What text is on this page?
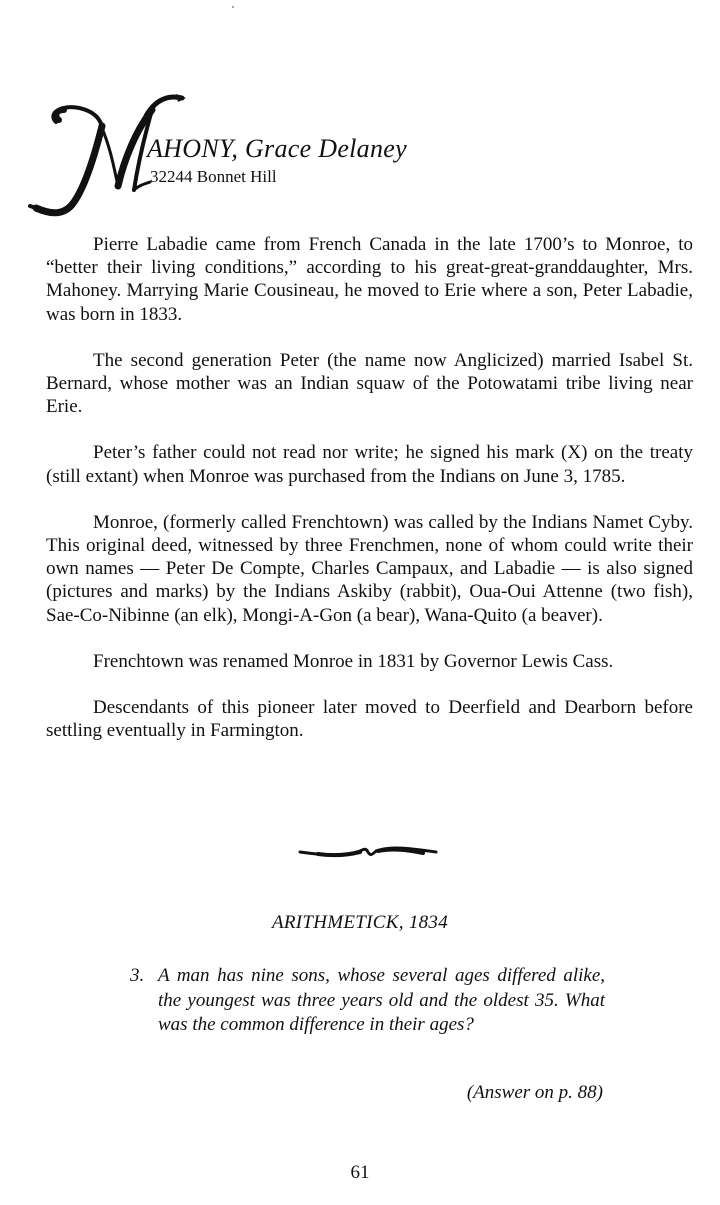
AHONY, Grace Delaney
32244 Bonnet Hill

Pierre Labadie came from French Canada in the late 1700’s to Monroe, to “better their living conditions,” according to his great-great-granddaughter, Mrs. Mahoney. Marrying Marie Cousineau, he moved to Erie where a son, Peter Labadie, was born in 1833.

The second generation Peter (the name now Anglicized) married Isabel St. Bernard, whose mother was an Indian squaw of the Potowatami tribe living near Erie.

Peter’s father could not read nor write; he signed his mark (X) on the treaty (still extant) when Monroe was purchased from the Indians on June 3, 1785.

Monroe, (formerly called Frenchtown) was called by the Indians Namet Cyby. This original deed, witnessed by three Frenchmen, none of whom could write their own names — Peter De Compte, Charles Campaux, and Labadie — is also signed (pictures and marks) by the Indians Askiby (rabbit), Oua-Oui Attenne (two fish), Sae-Co-Nibinne (an elk), Mongi-A-Gon (a bear), Wana-Quito (a beaver).

Frenchtown was renamed Monroe in 1831 by Governor Lewis Cass.

Descendants of this pioneer later moved to Deerfield and Dearborn before settling eventually in Farmington.

ARITHMETICK, 1834
3. A man has nine sons, whose several ages differed alike, the youngest was three years old and the oldest 35. What was the common difference in their ages?
(Answer on p. 88)
61
